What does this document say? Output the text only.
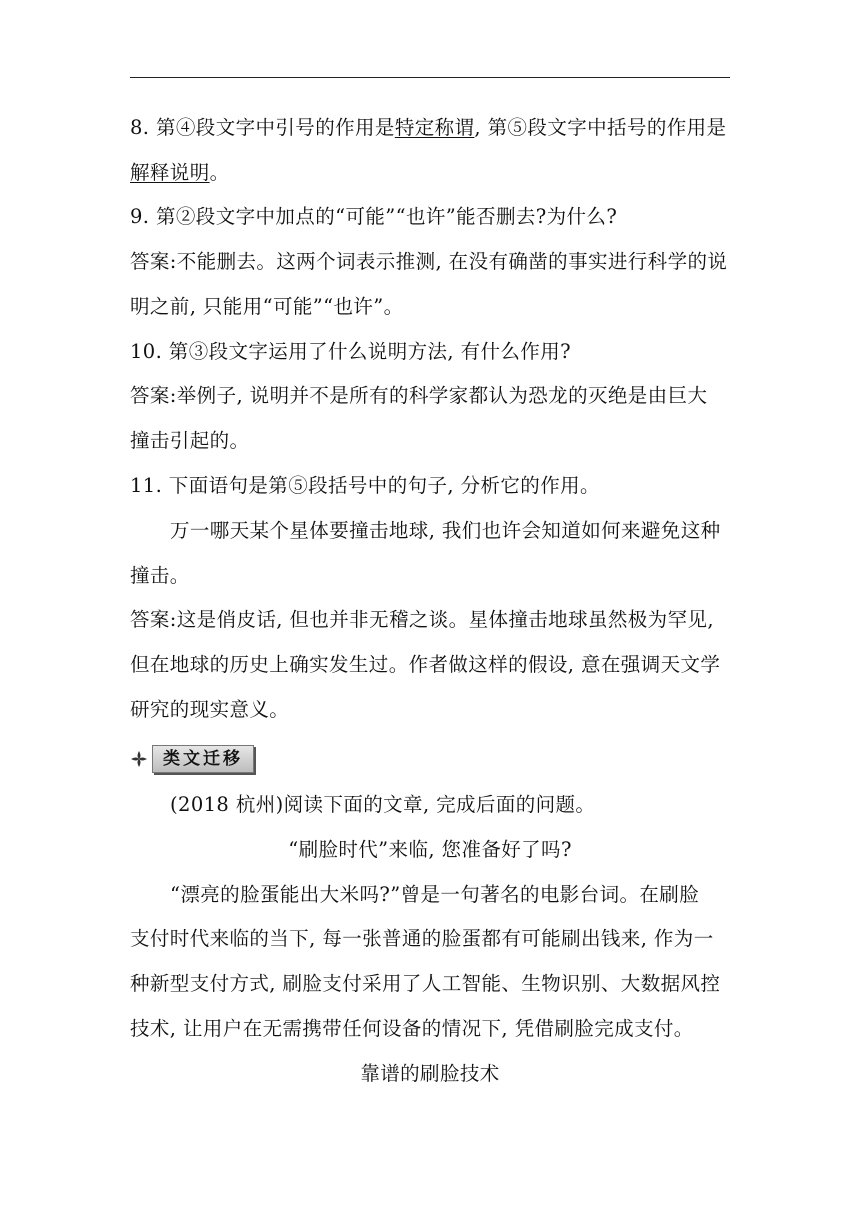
8. 第④段文字中引号的作用是特定称谓, 第⑤段文字中括号的作用是
解释说明。
9. 第②段文字中加点的“可能”“也许”能否删去?为什么?
答案:不能删去。这两个词表示推测, 在没有确凿的事实进行科学的说
明之前, 只能用“可能”“也许”。
10. 第③段文字运用了什么说明方法, 有什么作用?
答案:举例子, 说明并不是所有的科学家都认为恐龙的灭绝是由巨大
撞击引起的。
11. 下面语句是第⑤段括号中的句子, 分析它的作用。
万一哪天某个星体要撞击地球, 我们也许会知道如何来避免这种
撞击。
答案:这是俏皮话, 但也并非无稽之谈。星体撞击地球虽然极为罕见,
但在地球的历史上确实发生过。作者做这样的假设, 意在强调天文学
研究的现实意义。
类文迁移
(2018 杭州)阅读下面的文章, 完成后面的问题。
“刷脸时代”来临, 您准备好了吗?
“漂亮的脸蛋能出大米吗?”曾是一句著名的电影台词。在刷脸
支付时代来临的当下, 每一张普通的脸蛋都有可能刷出钱来, 作为一
种新型支付方式, 刷脸支付采用了人工智能、生物识别、大数据风控
技术, 让用户在无需携带任何设备的情况下, 凭借刷脸完成支付。
靠谱的刷脸技术
